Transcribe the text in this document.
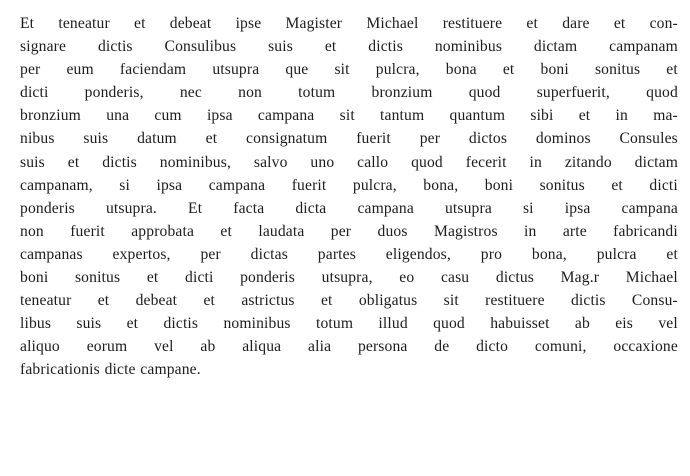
Et teneatur et debeat ipse Magister Michael restituere et dare et con-
signare dictis Consulibus suis et dictis nominibus dictam campanam
per eum faciendam utsupra que sit pulcra, bona et boni sonitus et
dicti ponderis, nec non totum bronzium quod superfuerit, quod
bronzium una cum ipsa campana sit tantum quantum sibi et in ma-
nibus suis datum et consignatum fuerit per dictos dominos Consules
suis et dictis nominibus, salvo uno callo quod fecerit in zitando dictam
campanam, si ipsa campana fuerit pulcra, bona, boni sonitus et dicti
ponderis utsupra. Et facta dicta campana utsupra si ipsa campana
non fuerit approbata et laudata per duos Magistros in arte fabricandi
campanas expertos, per dictas partes eligendos, pro bona, pulcra et
boni sonitus et dicti ponderis utsupra, eo casu dictus Mag.r Michael
teneatur et debeat et astrictus et obligatus sit restituere dictis Consu-
libus suis et dictis nominibus totum illud quod habuisset ab eis vel
aliquo eorum vel ab aliqua alia persona de dicto comuni, occaxione
fabricationis dicte campane.
